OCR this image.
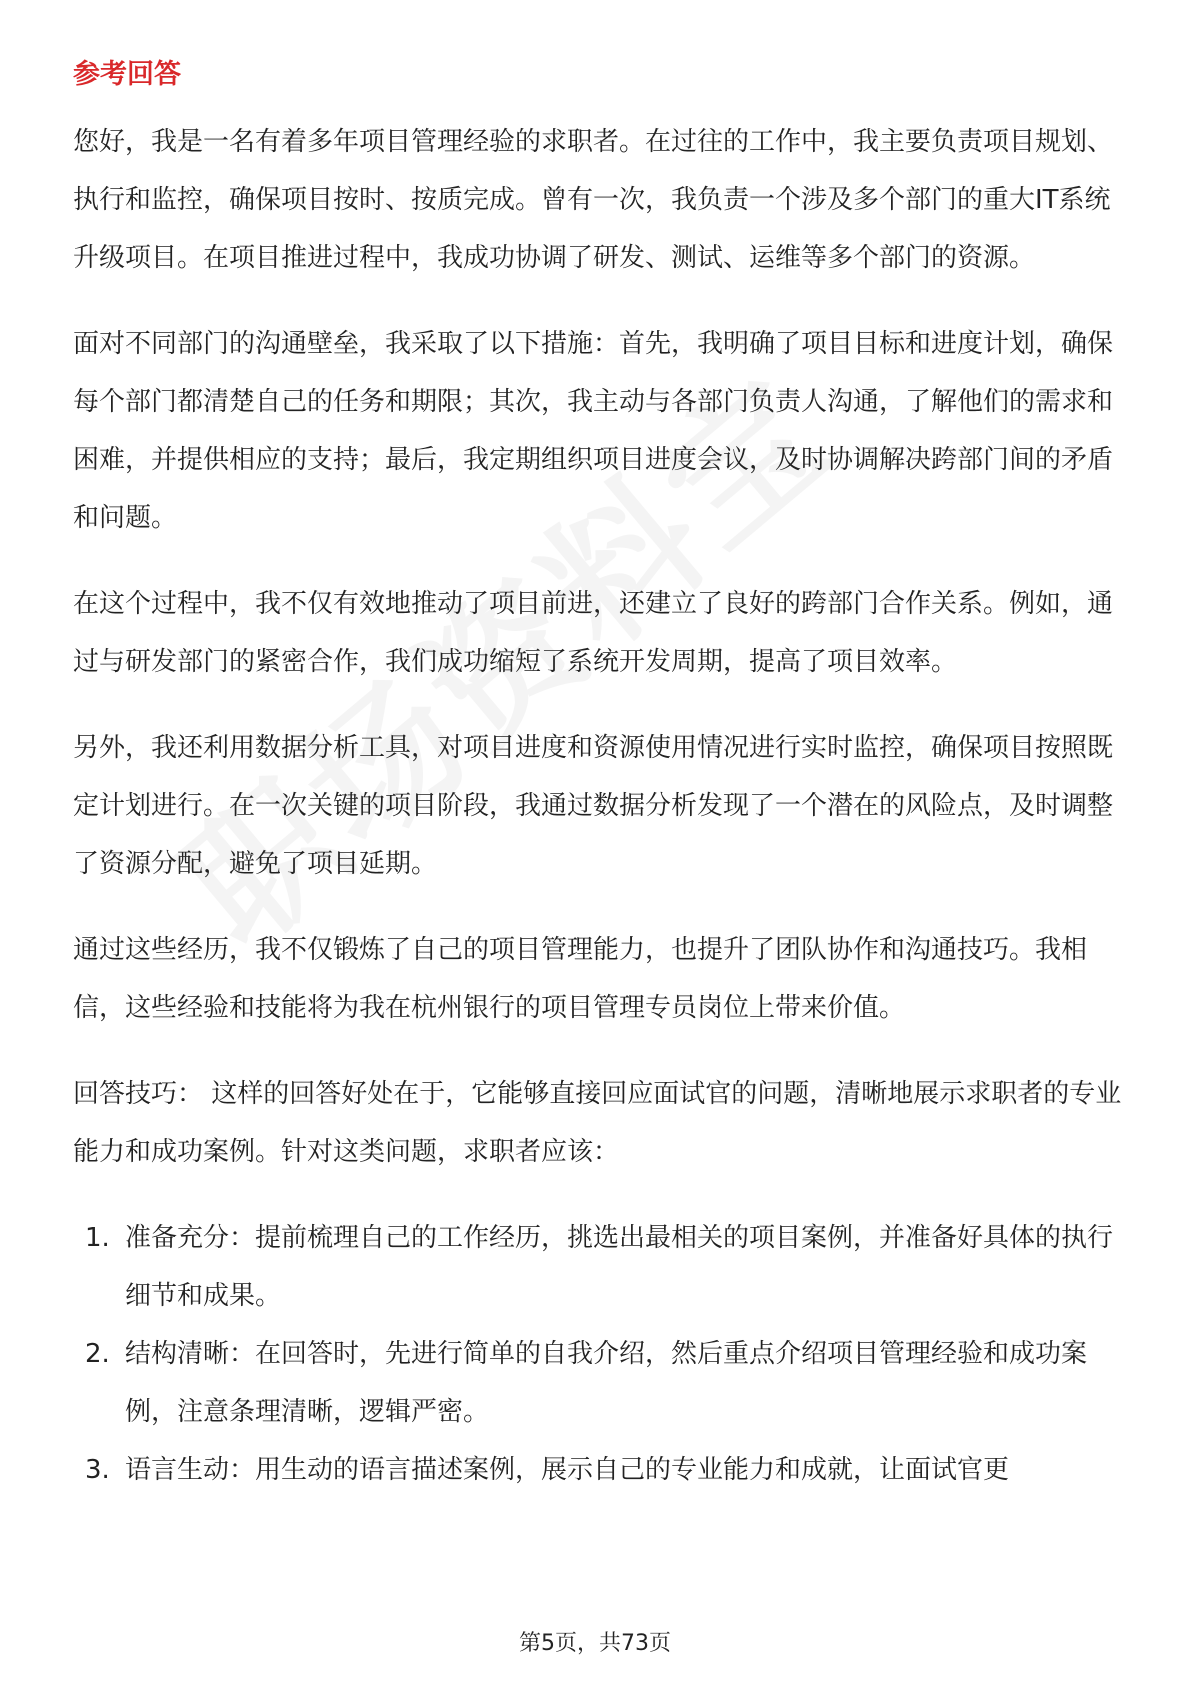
参考回答

您好，我是一名有着多年项目管理经验的求职者。在过往的工作中，我主要负责项目规划、执行和监控，确保项目按时、按质完成。曾有一次，我负责一个涉及多个部门的重大IT系统升级项目。在项目推进过程中，我成功协调了研发、测试、运维等多个部门的资源。

面对不同部门的沟通壁垒，我采取了以下措施：首先，我明确了项目目标和进度计划，确保每个部门都清楚自己的任务和期限；其次，我主动与各部门负责人沟通，了解他们的需求和困难，并提供相应的支持；最后，我定期组织项目进度会议，及时协调解决跨部门间的矛盾和问题。

在这个过程中，我不仅有效地推动了项目前进，还建立了良好的跨部门合作关系。例如，通过与研发部门的紧密合作，我们成功缩短了系统开发周期，提高了项目效率。

另外，我还利用数据分析工具，对项目进度和资源使用情况进行实时监控，确保项目按照既定计划进行。在一次关键的项目阶段，我通过数据分析发现了一个潜在的风险点，及时调整了资源分配，避免了项目延期。

通过这些经历，我不仅锻炼了自己的项目管理能力，也提升了团队协作和沟通技巧。我相信，这些经验和技能将为我在杭州银行的项目管理专员岗位上带来价值。

回答技巧： 这样的回答好处在于，它能够直接回应面试官的问题，清晰地展示求职者的专业能力和成功案例。针对这类问题，求职者应该：

1. 准备充分：提前梳理自己的工作经历，挑选出最相关的项目案例，并准备好具体的执行细节和成果。
2. 结构清晰：在回答时，先进行简单的自我介绍，然后重点介绍项目管理经验和成功案例，注意条理清晰，逻辑严密。
3. 语言生动：用生动的语言描述案例，展示自己的专业能力和成就，让面试官更
第5页，共73页
